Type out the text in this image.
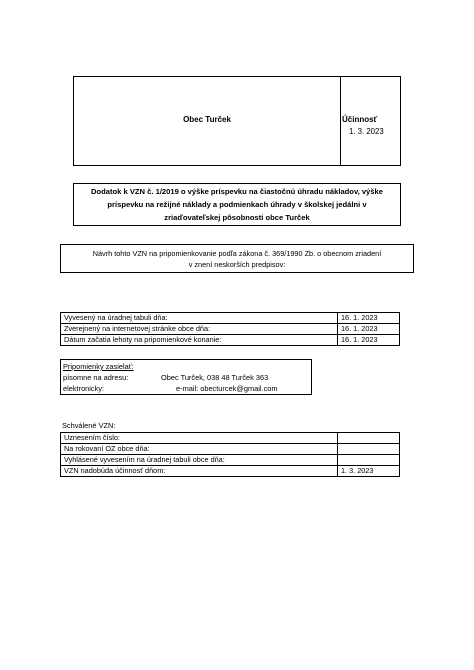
Obec Turček	Účinnosť
1. 3. 2023
Dodatok k VZN č. 1/2019 o výške príspevku na čiastočnú úhradu nákladov, výške
príspevku na režijné náklady a podmienkach úhrady v školskej jedálni v
zriaďovateľskej pôsobnosti obce Turček
Návrh tohto VZN na pripomienkovanie podľa zákona č. 369/1990 Zb. o obecnom zriadení
v znení neskorších predpisov:
Vyvesený na úradnej tabuli dňa:	16. 1. 2023
Zverejnený na internetovej stránke obce dňa:	16. 1. 2023
Dátum začatia lehoty na pripomienkové konanie:	16. 1. 2023
Pripomienky zasielať:
písomne na adresu:	Obec Turček, 038 48 Turček 363
elektronicky:	e-mail: obecturcek@gmail.com
Schválené VZN:
Uznesením číslo:	
Na rokovaní OZ obce dňa:	
Vyhlásené vyvesením na úradnej tabuli obce dňa:	
VZN nadobúda účinnosť dňom:	1. 3. 2023
